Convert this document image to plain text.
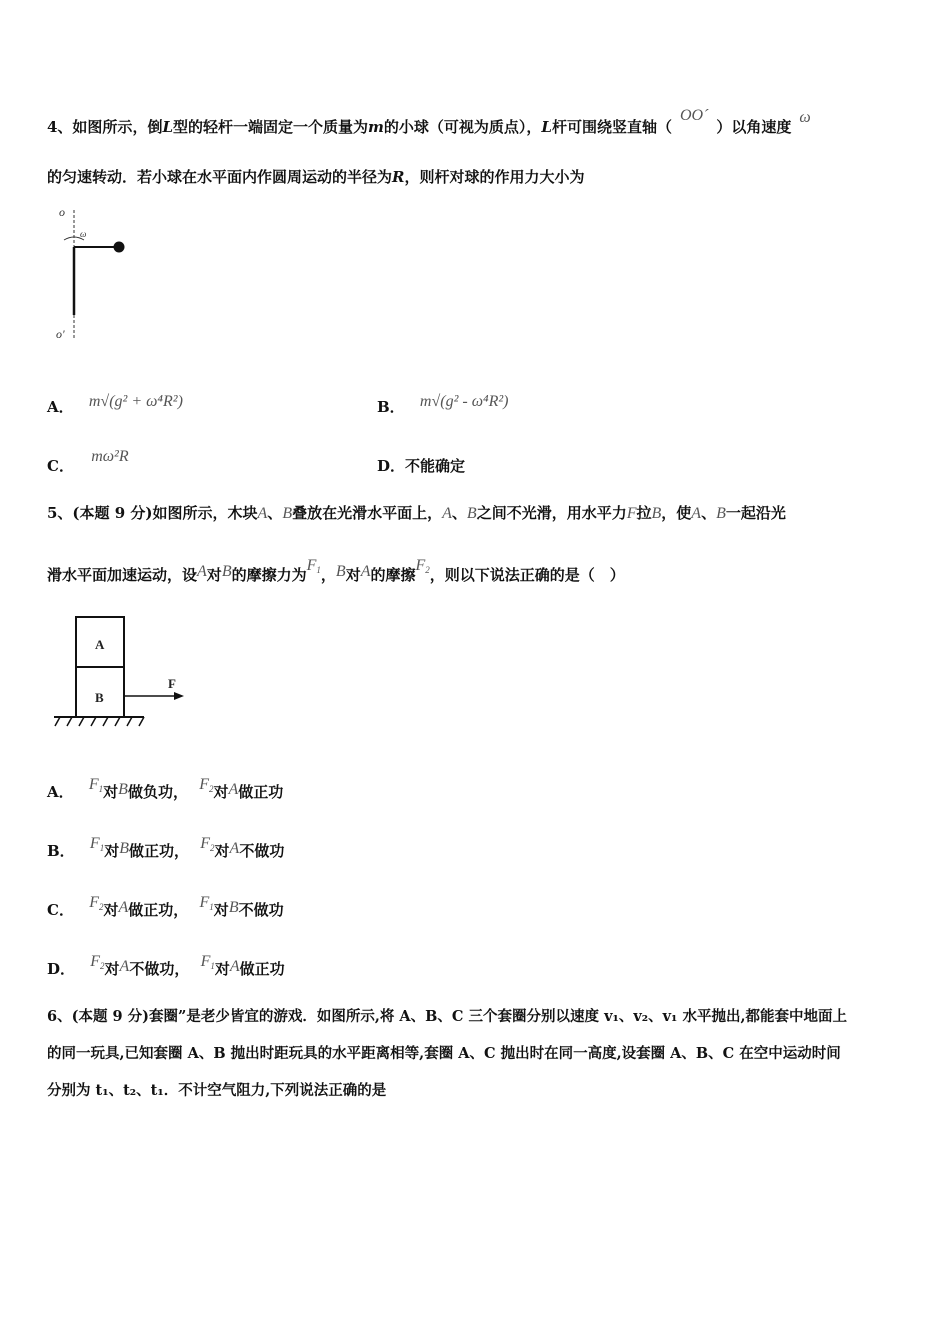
4、如图所示，倒L型的轻杆一端固定一个质量为m的小球（可视为质点），L杆可围绕竖直轴（OO´）以角速度ω
的匀速转动．若小球在水平面内作圆周运动的半径为R，则杆对球的作用力大小为
o
ω
o'
A． m√(g² + ω⁴R²)	B． m√(g² - ω⁴R²)
C． mω²R
D．不能确定
5、(本题 9 分)如图所示，木块A、B叠放在光滑水平面上，A、B之间不光滑，用水平力F拉B，使A、B一起沿光
滑水平面加速运动，设A对B的摩擦力为$F_1$，B对A的摩擦$F_2$，则以下说法正确的是（　）
A
B
F
A． $F_1$对B做负功， $F_2$对A做正功
B． $F_1$对B做正功， $F_2$对A不做功
C． $F_2$对A做正功， $F_1$对B不做功
D． $F_2$对A不做功， $F_1$对A做正功
6、(本题 9 分)套圈”是老少皆宜的游戏．如图所示,将 A、B、C 三个套圈分别以速度 v₁、v₂、v₁ 水平抛出,都能套中地面上
的同一玩具,已知套圈 A、B 抛出时距玩具的水平距离相等,套圈 A、C 抛出时在同一高度,设套圈 A、B、C 在空中运动时间
分别为 t₁、t₂、t₁．不计空气阻力,下列说法正确的是
